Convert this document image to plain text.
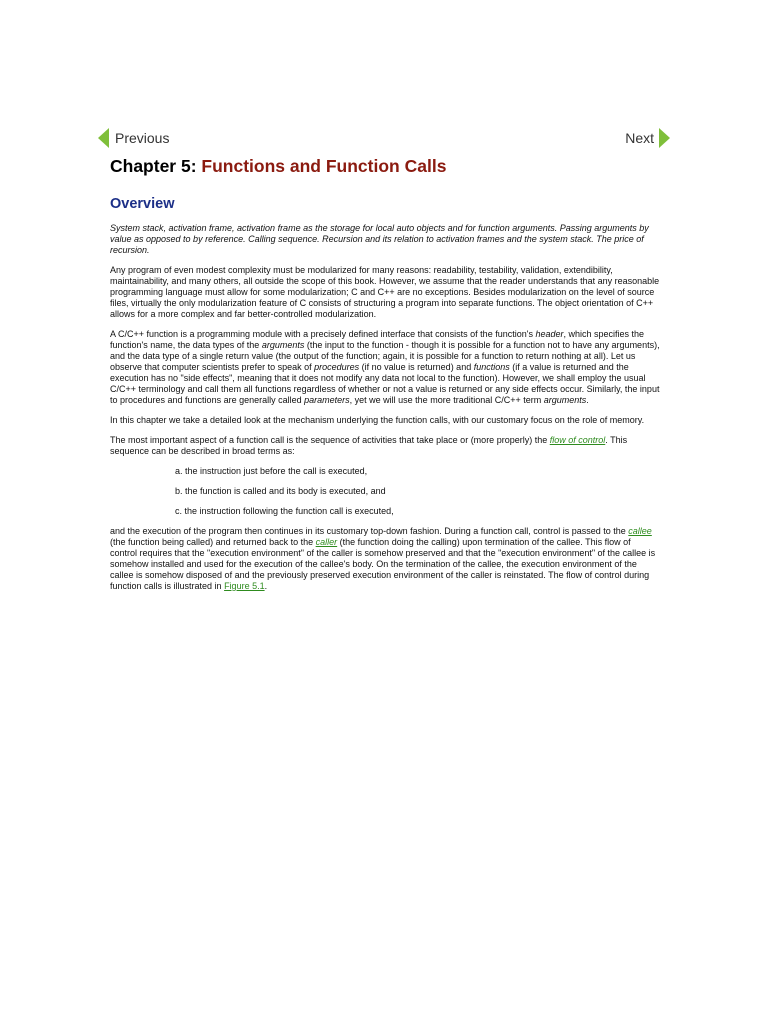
Previous	Next
Chapter 5: Functions and Function Calls
Overview

System stack, activation frame, activation frame as the storage for local auto objects and for function arguments. Passing arguments by value as opposed to by reference. Calling sequence. Recursion and its relation to activation frames and the system stack. The price of recursion.

Any program of even modest complexity must be modularized for many reasons: readability, testability, validation, extendibility, maintainability, and many others, all outside the scope of this book. However, we assume that the reader understands that any reasonable programming language must allow for some modularization; C and C++ are no exceptions. Besides modularization on the level of source files, virtually the only modularization feature of C consists of structuring a program into separate functions. The object orientation of C++ allows for a more complex and far better-controlled modularization.

A C/C++ function is a programming module with a precisely defined interface that consists of the function's header, which specifies the function's name, the data types of the arguments (the input to the function - though it is possible for a function not to have any arguments), and the data type of a single return value (the output of the function; again, it is possible for a function to return nothing at all). Let us observe that computer scientists prefer to speak of procedures (if no value is returned) and functions (if a value is returned and the execution has no "side effects", meaning that it does not modify any data not local to the function). However, we shall employ the usual C/C++ terminology and call them all functions regardless of whether or not a value is returned or any side effects occur. Similarly, the input to procedures and functions are generally called parameters, yet we will use the more traditional C/C++ term arguments.

In this chapter we take a detailed look at the mechanism underlying the function calls, with our customary focus on the role of memory.

The most important aspect of a function call is the sequence of activities that take place or (more properly) the flow of control. This sequence can be described in broad terms as:

a. the instruction just before the call is executed,
b. the function is called and its body is executed, and
c. the instruction following the function call is executed,

and the execution of the program then continues in its customary top-down fashion. During a function call, control is passed to the callee (the function being called) and returned back to the caller (the function doing the calling) upon termination of the callee. This flow of control requires that the "execution environment" of the caller is somehow preserved and that the "execution environment" of the callee is somehow installed and used for the execution of the callee's body. On the termination of the callee, the execution environment of the callee is somehow disposed of and the previously preserved execution environment of the caller is reinstated. The flow of control during function calls is illustrated in Figure 5.1.
